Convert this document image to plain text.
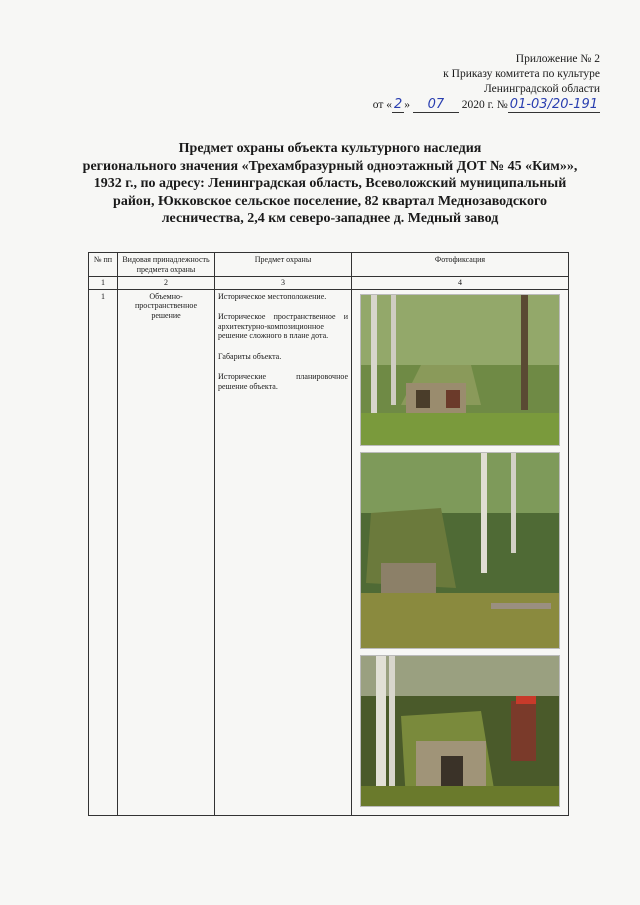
Приложение № 2
к Приказу комитета по культуре
Ленинградской области
от « 2 » 07 2020 г. № 01-03/20-191
Предмет охраны объекта культурного наследия
регионального значения «Трехамбразурный одноэтажный ДОТ № 45 «Ким»»,
1932 г., по адресу: Ленинградская область, Всеволожский муниципальный
район, Юкковское сельское поселение, 82 квартал Меднозаводского
лесничества, 2,4 км северо-западнее д. Медный завод
№ пп	Видовая принадлежность предмета охраны	Предмет охраны	Фотофиксация
1	2	3	4
1	Объемно-пространственное решение	Историческое местоположение.
Историческое пространственное и архитектурно-композиционное решение сложного в плане дота.
Габариты объекта.
Исторические планировочное решение объекта.
